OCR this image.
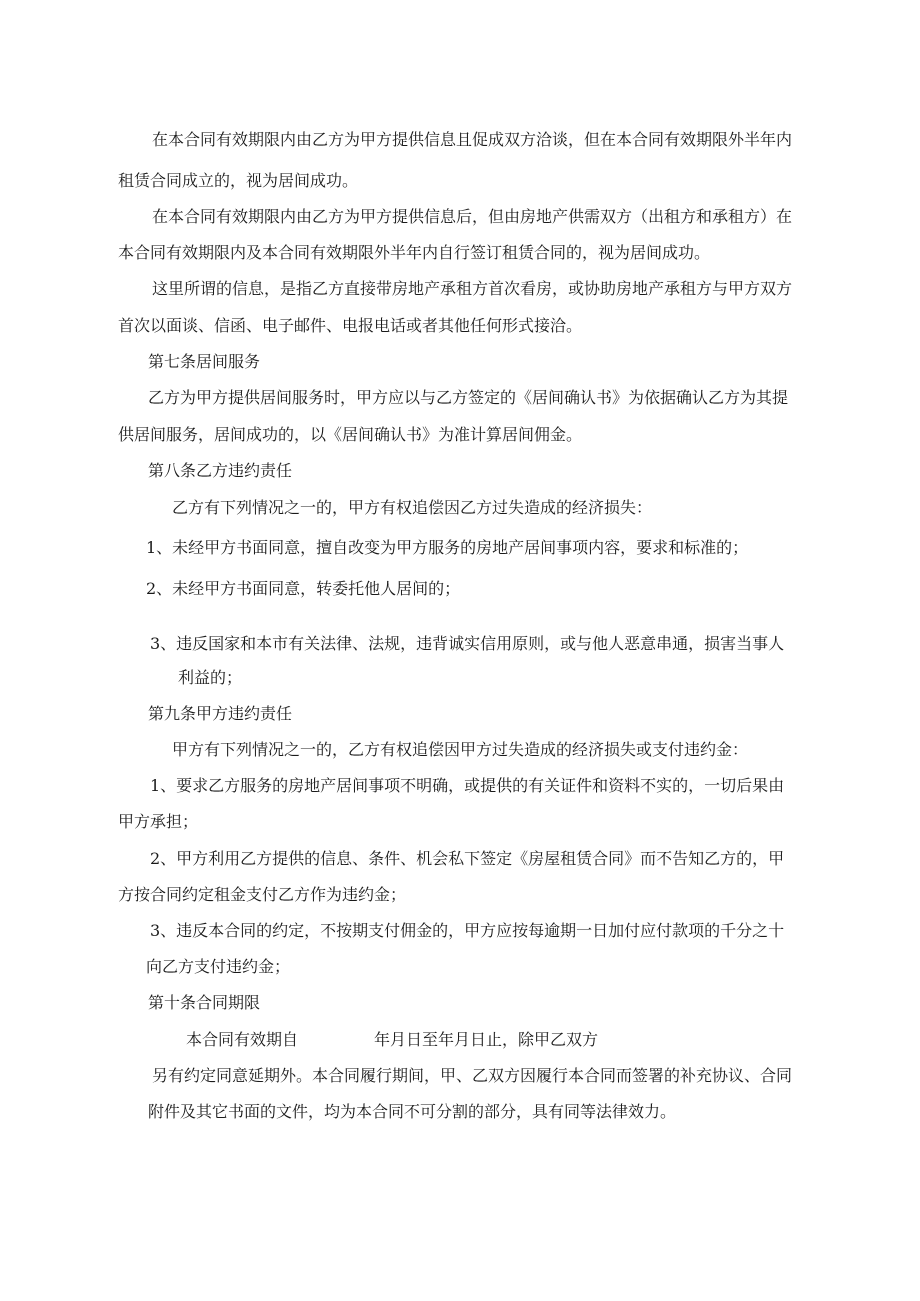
在本合同有效期限内由乙方为甲方提供信息且促成双方洽谈，但在本合同有效期限外半年内

租赁合同成立的，视为居间成功。

在本合同有效期限内由乙方为甲方提供信息后，但由房地产供需双方（出租方和承租方）在

本合同有效期限内及本合同有效期限外半年内自行签订租赁合同的，视为居间成功。

这里所谓的信息，是指乙方直接带房地产承租方首次看房，或协助房地产承租方与甲方双方

首次以面谈、信函、电子邮件、电报电话或者其他任何形式接洽。

第七条居间服务

乙方为甲方提供居间服务时，甲方应以与乙方签定的《居间确认书》为依据确认乙方为其提

供居间服务，居间成功的，以《居间确认书》为准计算居间佣金。

第八条乙方违约责任

乙方有下列情况之一的，甲方有权追偿因乙方过失造成的经济损失：

1、未经甲方书面同意，擅自改变为甲方服务的房地产居间事项内容，要求和标准的；

2、未经甲方书面同意，转委托他人居间的；

3、违反国家和本市有关法律、法规，违背诚实信用原则，或与他人恶意串通，损害当事人

利益的；

第九条甲方违约责任

甲方有下列情况之一的，乙方有权追偿因甲方过失造成的经济损失或支付违约金：

1、要求乙方服务的房地产居间事项不明确，或提供的有关证件和资料不实的，一切后果由

甲方承担；

2、甲方利用乙方提供的信息、条件、机会私下签定《房屋租赁合同》而不告知乙方的，甲

方按合同约定租金支付乙方作为违约金；

3、违反本合同的约定，不按期支付佣金的，甲方应按每逾期一日加付应付款项的千分之十

向乙方支付违约金；

第十条合同期限

本合同有效期自	年月日至年月日止，除甲乙双方

另有约定同意延期外。本合同履行期间，甲、乙双方因履行本合同而签署的补充协议、合同

附件及其它书面的文件，均为本合同不可分割的部分，具有同等法律效力。
